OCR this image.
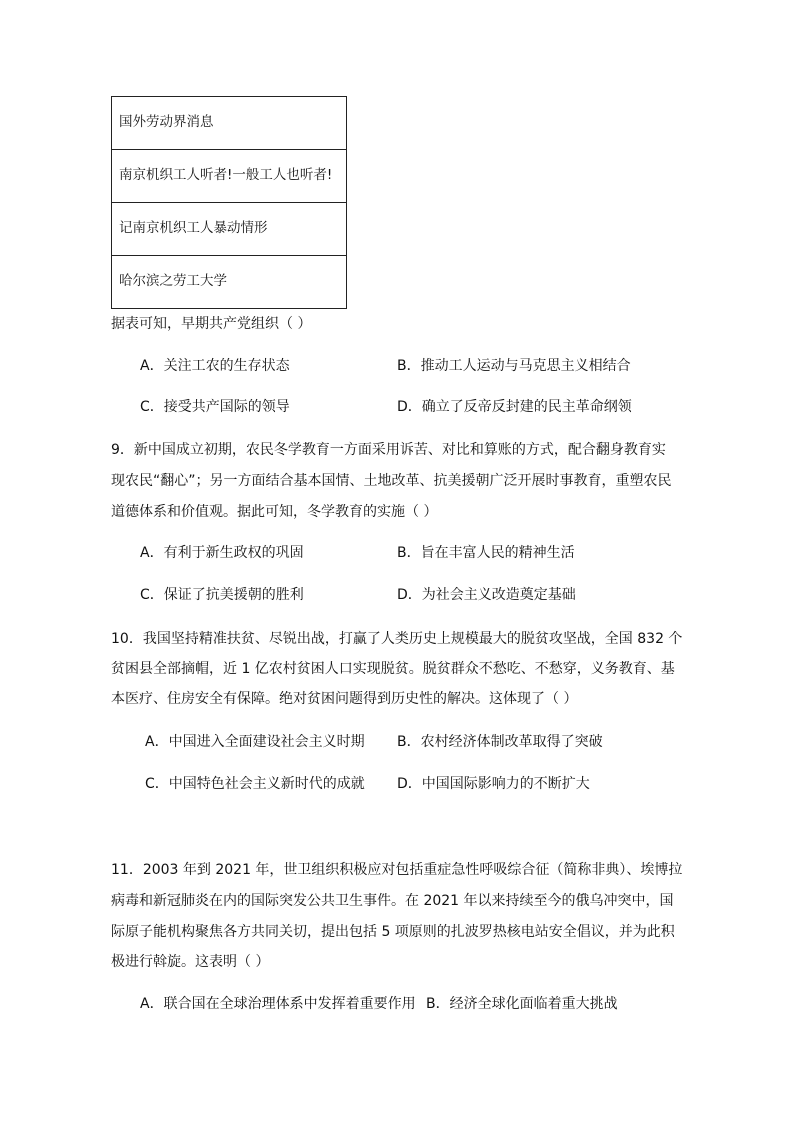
国外劳动界消息
南京机织工人听者!一般工人也听者!
记南京机织工人暴动情形
哈尔滨之劳工大学
据表可知，早期共产党组织（ ）
A．关注工农的生存状态	B．推动工人运动与马克思主义相结合
C．接受共产国际的领导	D．确立了反帝反封建的民主革命纲领
9．新中国成立初期，农民冬学教育一方面采用诉苦、对比和算账的方式，配合翻身教育实
现农民“翻心”；另一方面结合基本国情、土地改革、抗美援朝广泛开展时事教育，重塑农民
道德体系和价值观。据此可知，冬学教育的实施（ ）
A．有利于新生政权的巩固	B．旨在丰富人民的精神生活
C．保证了抗美援朝的胜利	D．为社会主义改造奠定基础
10．我国坚持精准扶贫、尽锐出战，打赢了人类历史上规模最大的脱贫攻坚战，全国 832 个
贫困县全部摘帽，近 1 亿农村贫困人口实现脱贫。脱贫群众不愁吃、不愁穿，义务教育、基
本医疗、住房安全有保障。绝对贫困问题得到历史性的解决。这体现了（ ）
A．中国进入全面建设社会主义时期 B．农村经济体制改革取得了突破
C．中国特色社会主义新时代的成就 D．中国国际影响力的不断扩大
11．2003 年到 2021 年，世卫组织积极应对包括重症急性呼吸综合征（简称非典）、埃博拉
病毒和新冠肺炎在内的国际突发公共卫生事件。在 2021 年以来持续至今的俄乌冲突中，国
际原子能机构聚焦各方共同关切，提出包括 5 项原则的扎波罗热核电站安全倡议，并为此积
极进行斡旋。这表明（ ）
A．联合国在全球治理体系中发挥着重要作用 B．经济全球化面临着重大挑战
